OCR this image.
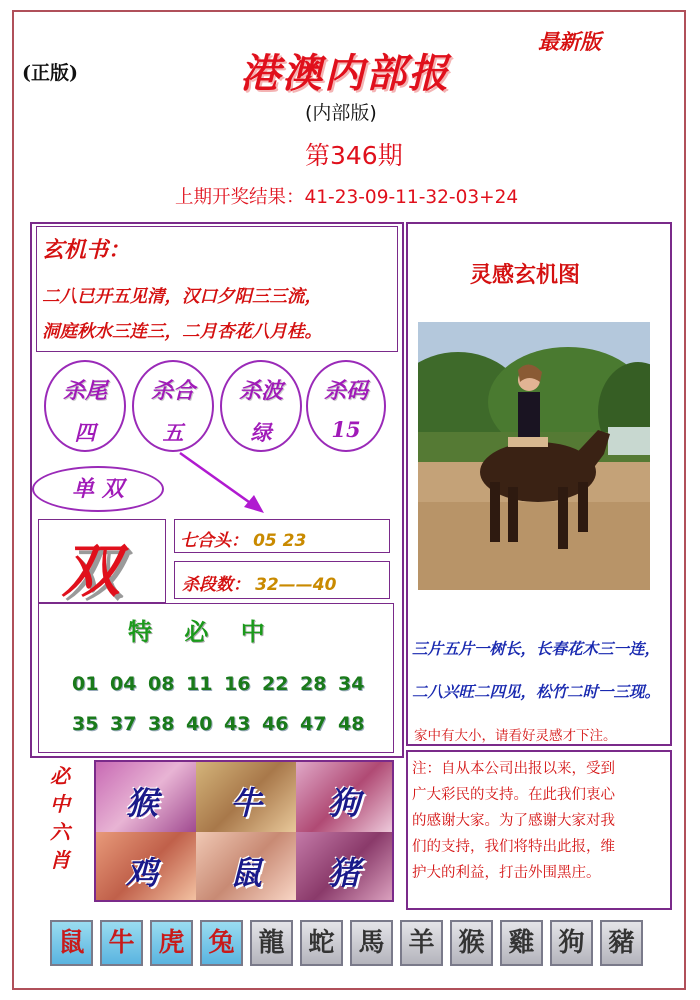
(正版)
最新版
港澳内部报
(内部版)
第346期
上期开奖结果：41-23-09-11-32-03+24
玄机书：
二八已开五见清，汉口夕阳三三流，
洞庭秋水三连三，二月杏花八月桂。
杀尾
四
杀合
五
杀波
绿
杀码
15
单 双
双	七合头： 05 23
杀段数： 32——40
特 必 中
01 04 08 11 16 22 28 34
35 37 38 40 43 46 47 48
灵感玄机图
三片五片一树长，长春花木三一连，
二八兴旺二四见，松竹二时一三现。
家中有大小，请看好灵感才下注。
注：自从本公司出报以来，受到
广大彩民的支持。在此我们衷心
的感谢大家。为了感谢大家对我
们的支持，我们将特出此报，维
护大的利益，打击外围黑庄。
必
中
六
肖
猴 牛 狗
鸡 鼠 猪
鼠 牛 虎 兔 龍 蛇 馬 羊 猴 雞 狗 豬
